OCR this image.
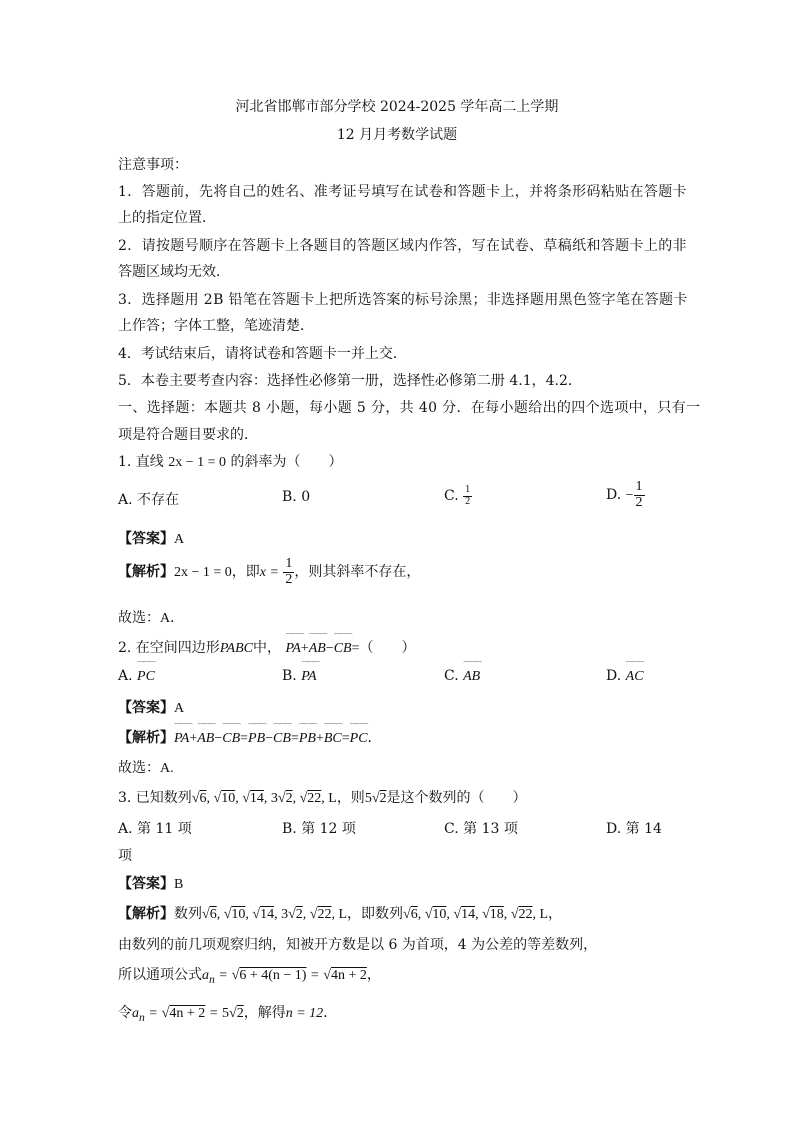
河北省邯郸市部分学校 2024-2025 学年高二上学期
12 月月考数学试题
注意事项：
1．答题前，先将自己的姓名、准考证号填写在试卷和答题卡上，并将条形码粘贴在答题卡
上的指定位置．
2．请按题号顺序在答题卡上各题目的答题区域内作答，写在试卷、草稿纸和答题卡上的非
答题区域均无效．
3．选择题用 2B 铅笔在答题卡上把所选答案的标号涂黑；非选择题用黑色签字笔在答题卡
上作答；字体工整，笔迹清楚．
4．考试结束后，请将试卷和答题卡一并上交．
5．本卷主要考查内容：选择性必修第一册，选择性必修第二册 4.1，4.2．
一、选择题：本题共 8 小题，每小题 5 分，共 40 分．在每小题给出的四个选项中，只有一
项是符合题目要求的．
1. 直线 2x − 1 = 0 的斜率为（　　）
A. 不存在	B. 0	C. $\frac{1}{2}$	D. − $\frac{1}{2}$
【答案】A
【解析】2x − 1 = 0，即$x = \frac{1}{2}$ ，则其斜率不存在，
故选：A．
2. 在空间四边形PABC中， ⌒⌒⌒ PA+⌒⌒⌒ AB−⌒⌒⌒ CB=（　　）
A. ⌒⌒⌒ PC	B. ⌒⌒⌒ PA	C. ⌒⌒⌒ AB	D. ⌒⌒⌒ AC
【答案】A
【解析】⌒⌒⌒ PA+⌒⌒⌒ AB−⌒⌒⌒ CB=⌒⌒⌒ PB−⌒⌒⌒ CB=⌒⌒⌒ PB+⌒⌒⌒ BC=⌒⌒⌒ PC．
故选：A.
3. 已知数列√6, √10, √14, 3√2, √22, L，则5√2是这个数列的（　　）
A. 第 11 项	B. 第 12 项	C. 第 13 项	D. 第 14
项
【答案】B
【解析】数列√6, √10, √14, 3√2, √22, L，即数列√6, √10, √14, √18, √22, L，
由数列的前几项观察归纳，知被开方数是以 6 为首项，4 为公差的等差数列，
所以通项公式$a_n = √6 + 4(n - 1) = √4n + 2$，
令$a_n = √4n + 2 = 5√2$，解得n = 12．
